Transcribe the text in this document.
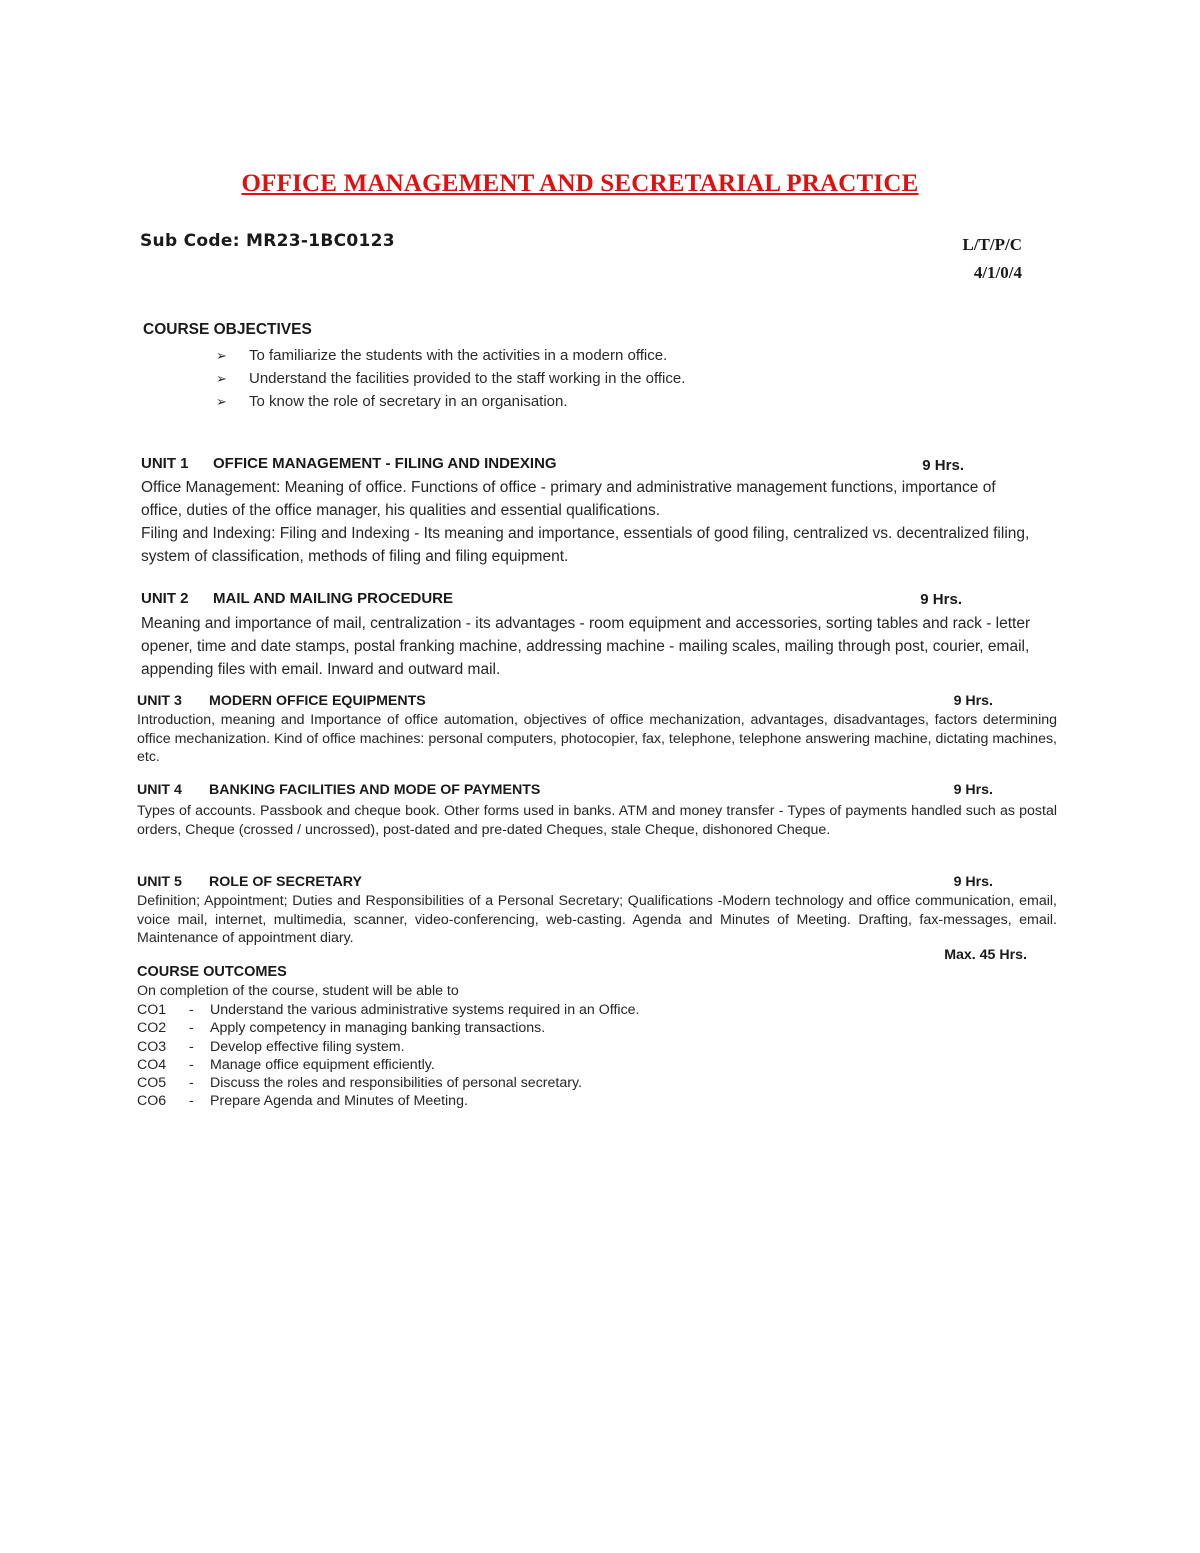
OFFICE MANAGEMENT AND SECRETARIAL PRACTICE
Sub Code: MR23-1BC0123	L/T/P/C
4/1/0/4
COURSE OBJECTIVES
➢ To familiarize the students with the activities in a modern office.
➢ Understand the facilities provided to the staff working in the office.
➢ To know the role of secretary in an organisation.
UNIT 1 OFFICE MANAGEMENT - FILING AND INDEXING	9 Hrs.
Office Management: Meaning of office. Functions of office - primary and administrative management functions, importance of office, duties of the office manager, his qualities and essential qualifications.
Filing and Indexing: Filing and Indexing - Its meaning and importance, essentials of good filing, centralized vs. decentralized filing, system of classification, methods of filing and filing equipment.
UNIT 2 MAIL AND MAILING PROCEDURE	9 Hrs.
Meaning and importance of mail, centralization - its advantages - room equipment and accessories, sorting tables and rack - letter opener, time and date stamps, postal franking machine, addressing machine - mailing scales, mailing through post, courier, email, appending files with email. Inward and outward mail.
UNIT 3 MODERN OFFICE EQUIPMENTS	9 Hrs.
Introduction, meaning and Importance of office automation, objectives of office mechanization, advantages, disadvantages, factors determining office mechanization. Kind of office machines: personal computers, photocopier, fax, telephone, telephone answering machine, dictating machines, etc.
UNIT 4 BANKING FACILITIES AND MODE OF PAYMENTS	9 Hrs.
Types of accounts. Passbook and cheque book. Other forms used in banks. ATM and money transfer - Types of payments handled such as postal orders, Cheque (crossed / uncrossed), post-dated and pre-dated Cheques, stale Cheque, dishonored Cheque.
UNIT 5 ROLE OF SECRETARY	9 Hrs.
Definition; Appointment; Duties and Responsibilities of a Personal Secretary; Qualifications -Modern technology and office communication, email, voice mail, internet, multimedia, scanner, video-conferencing, web-casting. Agenda and Minutes of Meeting. Drafting, fax-messages, email. Maintenance of appointment diary.
Max. 45 Hrs.
COURSE OUTCOMES
On completion of the course, student will be able to
CO1 - Understand the various administrative systems required in an Office.
CO2 - Apply competency in managing banking transactions.
CO3 - Develop effective filing system.
CO4 - Manage office equipment efficiently.
CO5 - Discuss the roles and responsibilities of personal secretary.
CO6 - Prepare Agenda and Minutes of Meeting.
